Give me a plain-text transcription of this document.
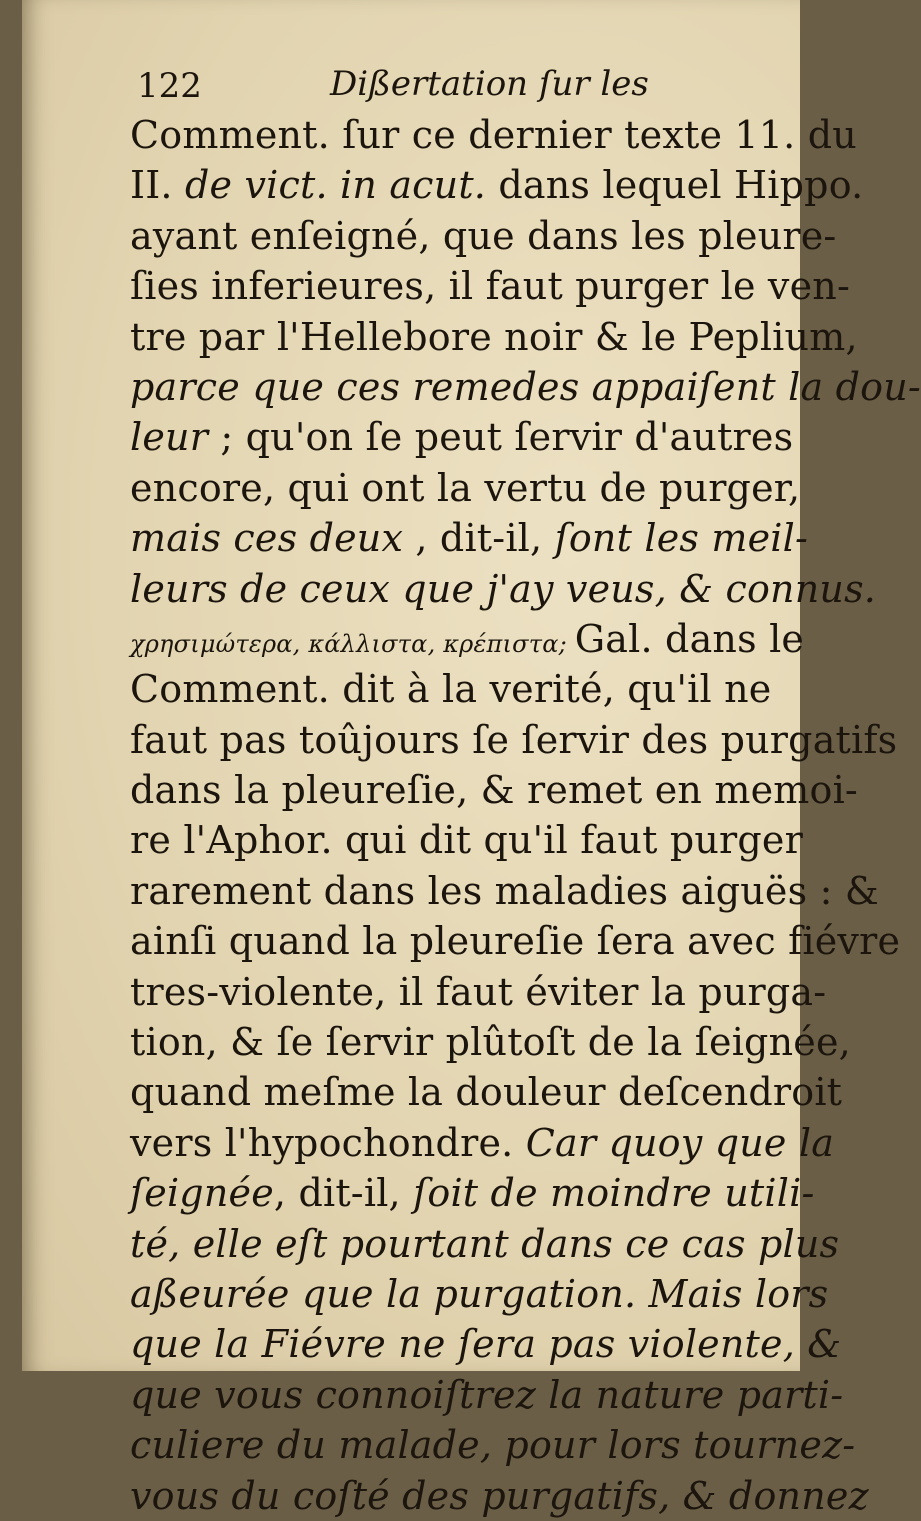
122	Dißertation ſur les
Comment. ſur ce dernier texte 11. du
II. de vict. in acut. dans lequel Hippo.
ayant enſeigné, que dans les pleure-
ſies inferieures, il faut purger le ven-
tre par l'Hellebore noir & le Peplium,
parce que ces remedes appaiſent la dou-
leur ; qu'on ſe peut ſervir d'autres
encore, qui ont la vertu de purger,
mais ces deux , dit-il, ſont les meil-
leurs de ceux que j'ay veus, & connus.
χρησιμώτερα, κάλλιστα, κρέπιστα; Gal. dans le
Comment. dit à la verité, qu'il ne
faut pas toûjours ſe ſervir des purgatifs
dans la pleureſie, & remet en memoi-
re l'Aphor. qui dit qu'il faut purger
rarement dans les maladies aiguës : &
ainſi quand la pleureſie ſera avec fiévre
tres-violente, il faut éviter la purga-
tion, & ſe ſervir plûtoſt de la ſeignée,
quand meſme la douleur deſcendroit
vers l'hypochondre. Car quoy que la
ſeignée, dit-il, ſoit de moindre utili-
té, elle eſt pourtant dans ce cas plus
aßeurée que la purgation. Mais lors
que la Fiévre ne ſera pas violente, &
que vous connoiſtrez la nature parti-
culiere du malade, pour lors tournez-
vous du coſté des purgatifs, & donnez
